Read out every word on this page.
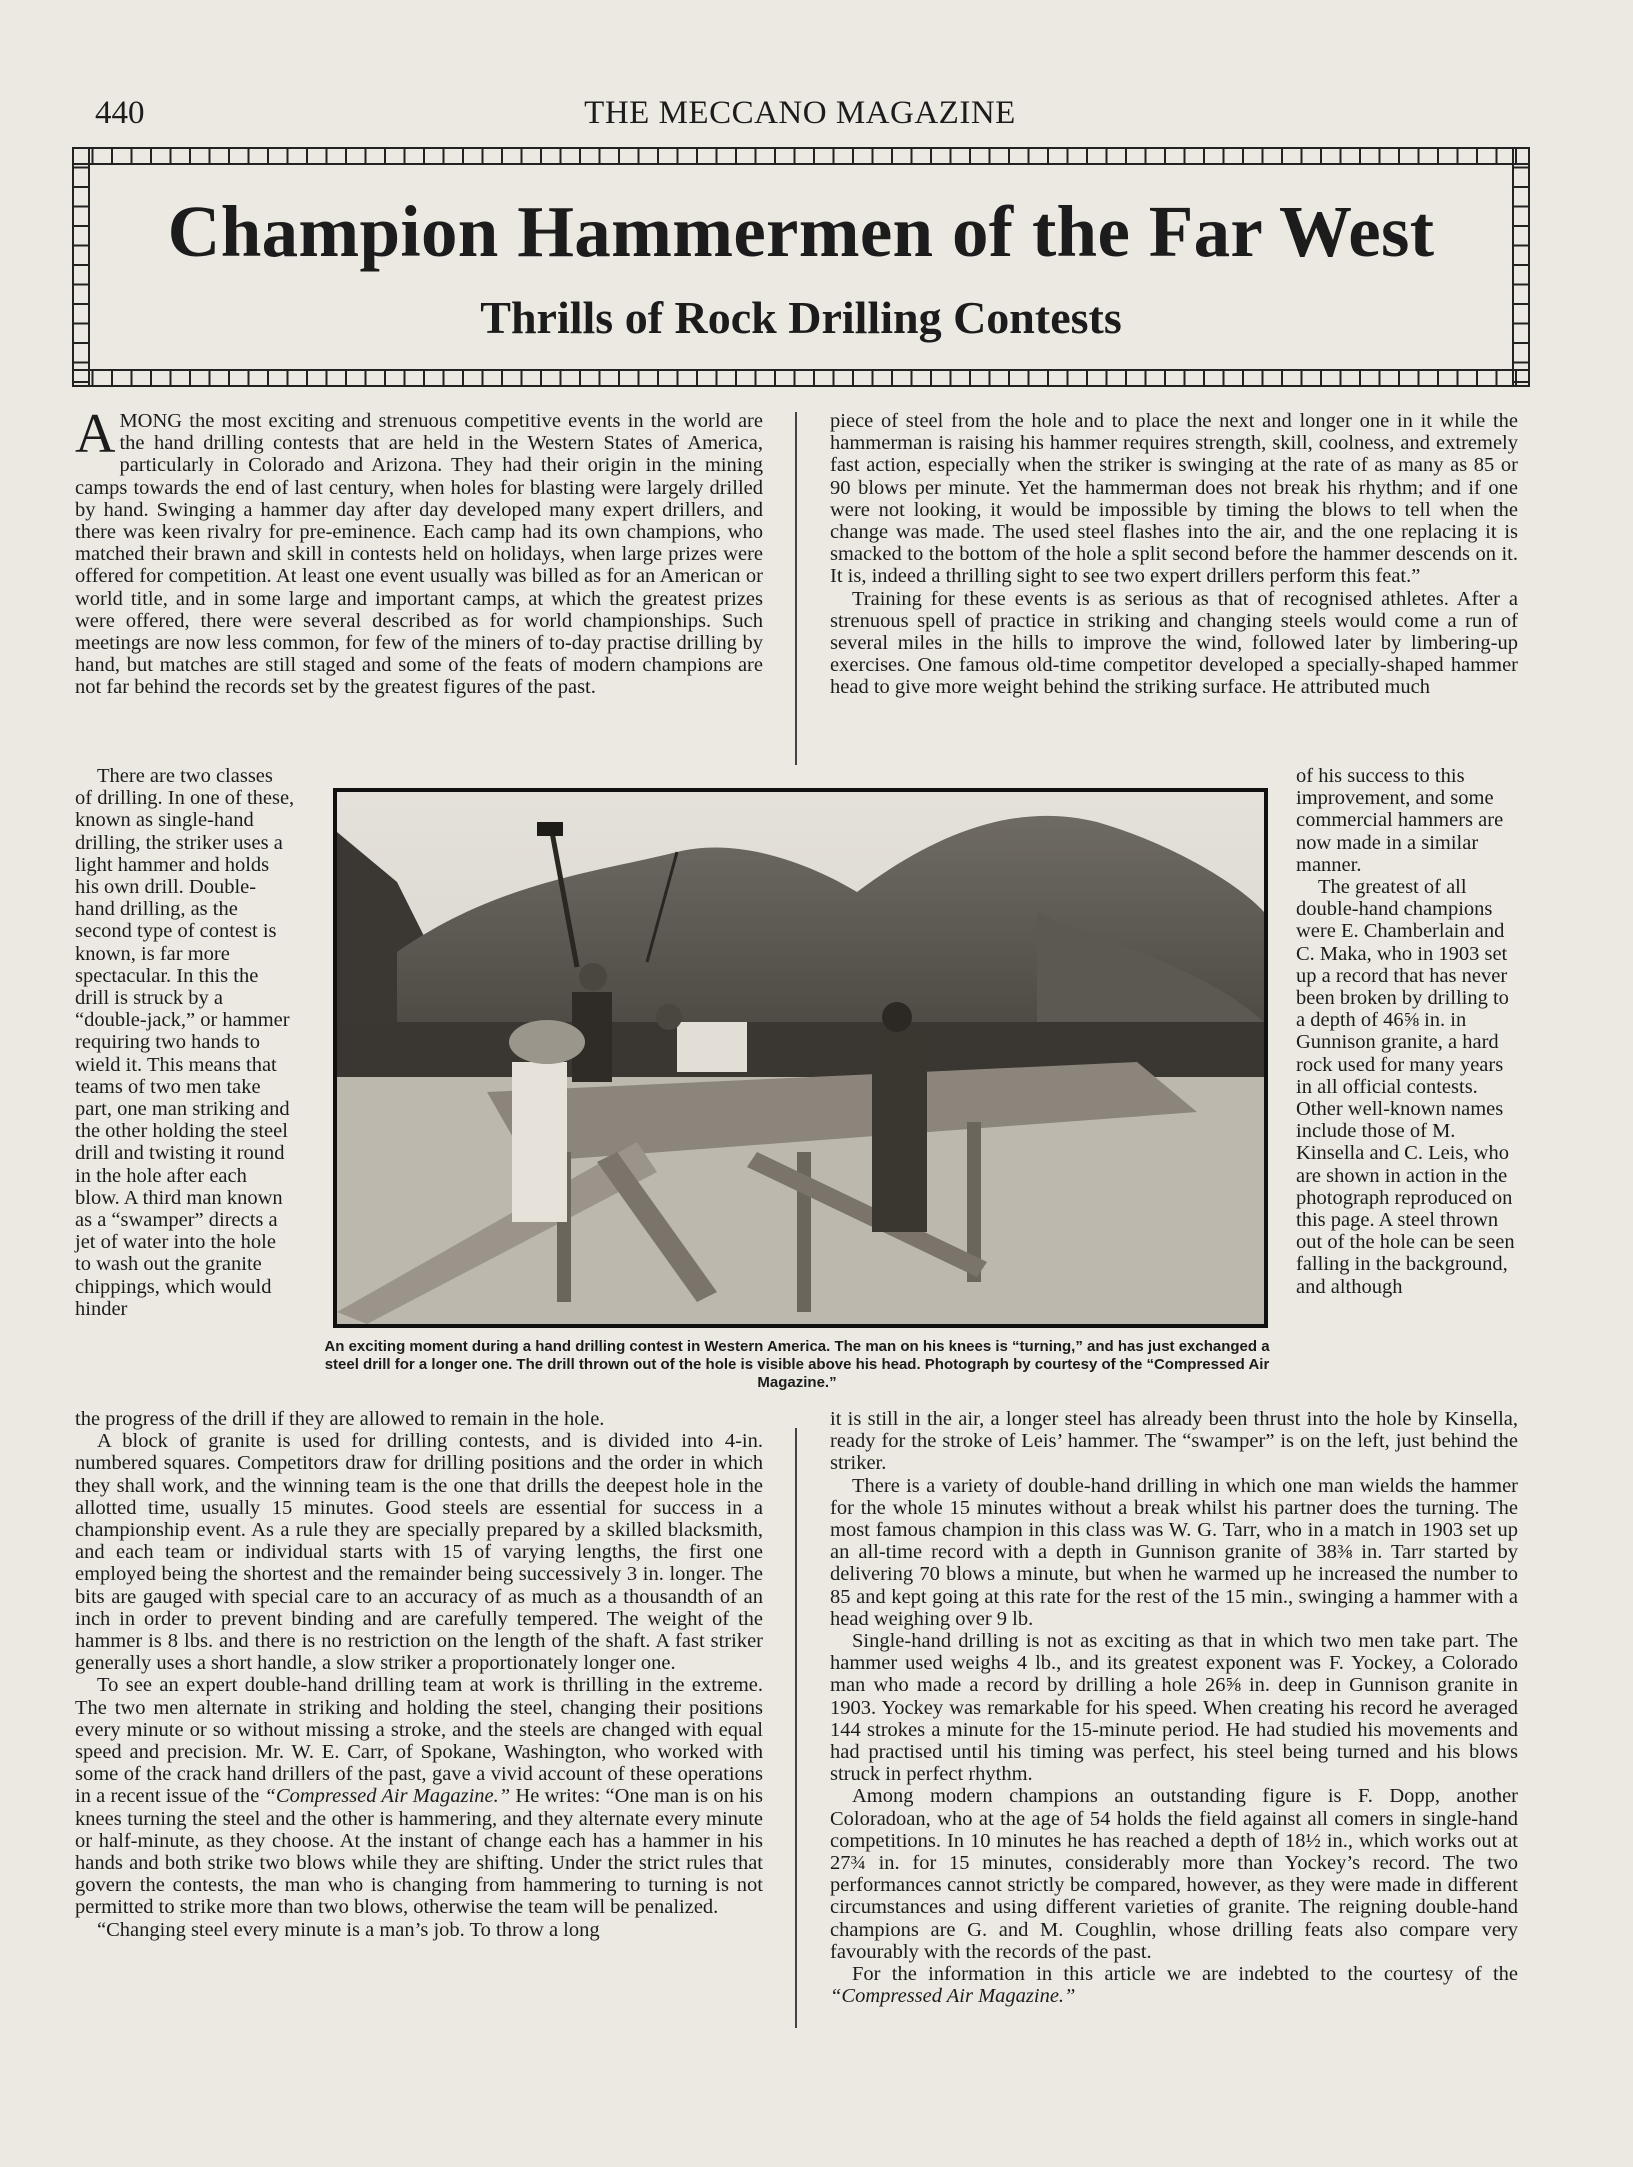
440	THE MECCANO MAGAZINE
Champion Hammermen of the Far West
Thrills of Rock Drilling Contests

AMONG the most exciting and strenuous competitive events in the world are the hand drilling contests that are held in the Western States of America, particularly in Colorado and Arizona. They had their origin in the mining camps towards the end of last century, when holes for blasting were largely drilled by hand. Swinging a hammer day after day developed many expert drillers, and there was keen rivalry for pre-eminence. Each camp had its own champions, who matched their brawn and skill in contests held on holidays, when large prizes were offered for competition. At least one event usually was billed as for an American or world title, and in some large and important camps, at which the greatest prizes were offered, there were several described as for world championships. Such meetings are now less common, for few of the miners of to-day practise drilling by hand, but matches are still staged and some of the feats of modern champions are not far behind the records set by the greatest figures of the past.

There are two classes of drilling. In one of these, known as single-hand drilling, the striker uses a light hammer and holds his own drill. Double-hand drilling, as the second type of contest is known, is far more spectacular. In this the drill is struck by a “double-jack,” or hammer requiring two hands to wield it. This means that teams of two men take part, one man striking and the other holding the steel drill and twisting it round in the hole after each blow. A third man known as a “swamper” directs a jet of water into the hole to wash out the granite chippings, which would hinder

the progress of the drill if they are allowed to remain in the hole.

A block of granite is used for drilling contests, and is divided into 4-in. numbered squares. Competitors draw for drilling positions and the order in which they shall work, and the winning team is the one that drills the deepest hole in the allotted time, usually 15 minutes. Good steels are essential for success in a championship event. As a rule they are specially prepared by a skilled blacksmith, and each team or individual starts with 15 of varying lengths, the first one employed being the shortest and the remainder being successively 3 in. longer. The bits are gauged with special care to an accuracy of as much as a thousandth of an inch in order to prevent binding and are carefully tempered. The weight of the hammer is 8 lbs. and there is no restriction on the length of the shaft. A fast striker generally uses a short handle, a slow striker a proportionately longer one.

To see an expert double-hand drilling team at work is thrilling in the extreme. The two men alternate in striking and holding the steel, changing their positions every minute or so without missing a stroke, and the steels are changed with equal speed and precision. Mr. W. E. Carr, of Spokane, Washington, who worked with some of the crack hand drillers of the past, gave a vivid account of these operations in a recent issue of the “Compressed Air Magazine.” He writes: “One man is on his knees turning the steel and the other is hammering, and they alternate every minute or half-minute, as they choose. At the instant of change each has a hammer in his hands and both strike two blows while they are shifting. Under the strict rules that govern the contests, the man who is changing from hammering to turning is not permitted to strike more than two blows, otherwise the team will be penalized.

“Changing steel every minute is a man’s job. To throw a long

piece of steel from the hole and to place the next and longer one in it while the hammerman is raising his hammer requires strength, skill, coolness, and extremely fast action, especially when the striker is swinging at the rate of as many as 85 or 90 blows per minute. Yet the hammerman does not break his rhythm; and if one were not looking, it would be impossible by timing the blows to tell when the change was made. The used steel flashes into the air, and the one replacing it is smacked to the bottom of the hole a split second before the hammer descends on it. It is, indeed a thrilling sight to see two expert drillers perform this feat.”

Training for these events is as serious as that of recognised athletes. After a strenuous spell of practice in striking and changing steels would come a run of several miles in the hills to improve the wind, followed later by limbering-up exercises. One famous old-time competitor developed a specially-shaped hammer head to give more weight behind the striking surface. He attributed much

of his success to this improvement, and some commercial hammers are now made in a similar manner.

The greatest of all double-hand champions were E. Chamberlain and C. Maka, who in 1903 set up a record that has never been broken by drilling to a depth of 46⅝ in. in Gunnison granite, a hard rock used for many years in all official contests. Other well-known names include those of M. Kinsella and C. Leis, who are shown in action in the photograph reproduced on this page. A steel thrown out of the hole can be seen falling in the background, and although

it is still in the air, a longer steel has already been thrust into the hole by Kinsella, ready for the stroke of Leis’ hammer. The “swamper” is on the left, just behind the striker.

There is a variety of double-hand drilling in which one man wields the hammer for the whole 15 minutes without a break whilst his partner does the turning. The most famous champion in this class was W. G. Tarr, who in a match in 1903 set up an all-time record with a depth in Gunnison granite of 38⅜ in. Tarr started by delivering 70 blows a minute, but when he warmed up he increased the number to 85 and kept going at this rate for the rest of the 15 min., swinging a hammer with a head weighing over 9 lb.

Single-hand drilling is not as exciting as that in which two men take part. The hammer used weighs 4 lb., and its greatest exponent was F. Yockey, a Colorado man who made a record by drilling a hole 26⅝ in. deep in Gunnison granite in 1903. Yockey was remarkable for his speed. When creating his record he averaged 144 strokes a minute for the 15-minute period. He had studied his movements and had practised until his timing was perfect, his steel being turned and his blows struck in perfect rhythm.

Among modern champions an outstanding figure is F. Dopp, another Coloradoan, who at the age of 54 holds the field against all comers in single-hand competitions. In 10 minutes he has reached a depth of 18½ in., which works out at 27¾ in. for 15 minutes, considerably more than Yockey’s record. The two performances cannot strictly be compared, however, as they were made in different circumstances and using different varieties of granite. The reigning double-hand champions are G. and M. Coughlin, whose drilling feats also compare very favourably with the records of the past.

For the information in this article we are indebted to the courtesy of the “Compressed Air Magazine.”

An exciting moment during a hand drilling contest in Western America. The man on his knees is “turning,” and has just exchanged a steel drill for a longer one. The drill thrown out of the hole is visible above his head. Photograph by courtesy of the “Compressed Air Magazine.”
